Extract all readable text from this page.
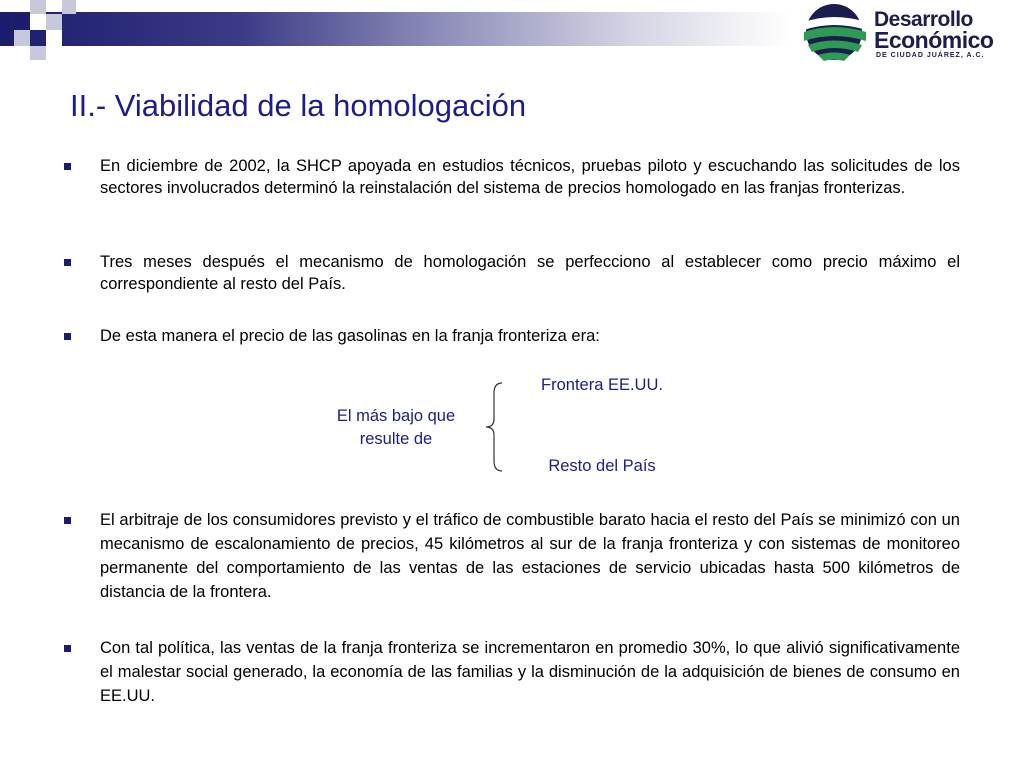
Desarrollo
Económico
DE CIUDAD JUÁREZ, A.C.
II.- Viabilidad de la homologación
En diciembre de 2002, la SHCP apoyada en estudios técnicos, pruebas piloto y escuchando las solicitudes de los sectores involucrados determinó la reinstalación del sistema de precios homologado en las franjas fronterizas.
Tres meses después el mecanismo de homologación se perfecciono al establecer como precio máximo el correspondiente al resto del País.
De esta manera el precio de las gasolinas en la franja fronteriza era:
El más bajo que
resulte de
Frontera EE.UU.
Resto del País
El arbitraje de los consumidores previsto y el tráfico de combustible barato hacia el resto del País se minimizó con un mecanismo de escalonamiento de precios, 45 kilómetros al sur de la franja fronteriza y con sistemas de monitoreo permanente del comportamiento de las ventas de las estaciones de servicio ubicadas hasta 500 kilómetros de distancia de la frontera.
Con tal política, las ventas de la franja fronteriza se incrementaron en promedio 30%, lo que alivió significativamente el malestar social generado, la economía de las familias y la disminución de la adquisición de bienes de consumo en EE.UU.
